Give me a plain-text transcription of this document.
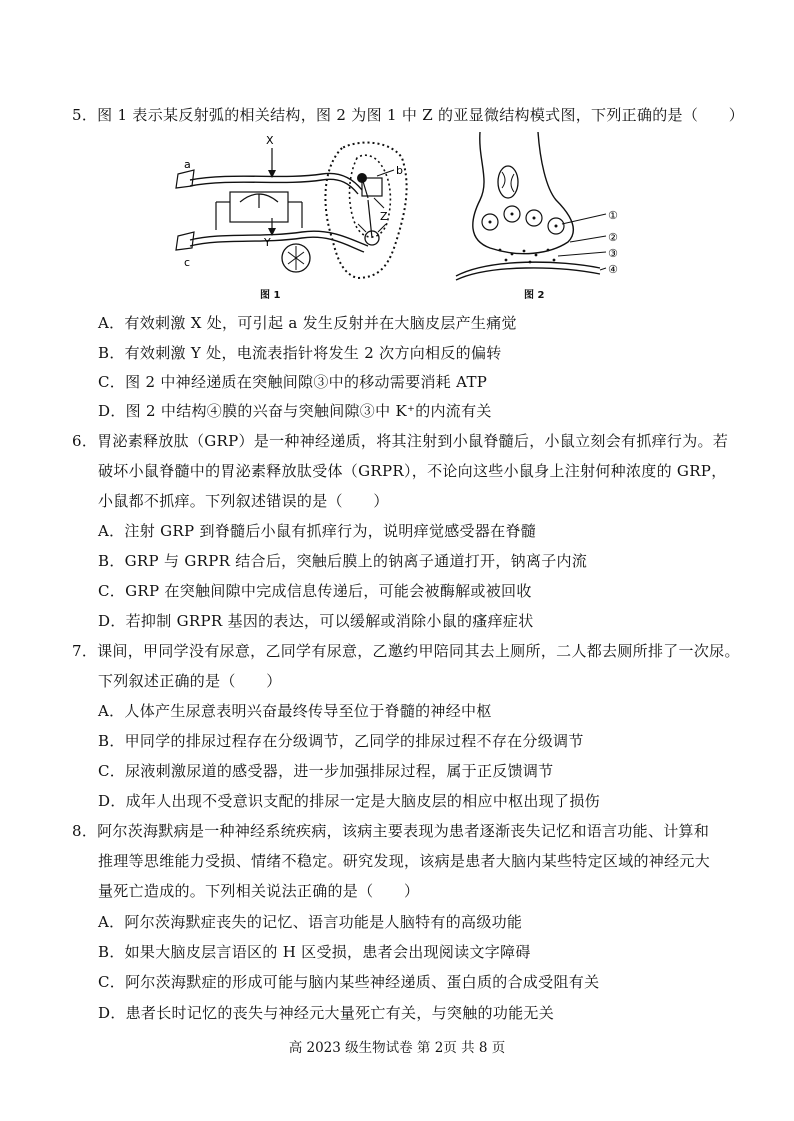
5．图 1 表示某反射弧的相关结构，图 2 为图 1 中 Z 的亚显微结构模式图，下列正确的是（　　）
X
a	b
c
Y
Z
图 1
①
②
③
④
图 2
A．有效刺激 X 处，可引起 a 发生反射并在大脑皮层产生痛觉
B．有效刺激 Y 处，电流表指针将发生 2 次方向相反的偏转
C．图 2 中神经递质在突触间隙③中的移动需要消耗 ATP
D．图 2 中结构④膜的兴奋与突触间隙③中 K⁺的内流有关
6．胃泌素释放肽（GRP）是一种神经递质，将其注射到小鼠脊髓后，小鼠立刻会有抓痒行为。若
破坏小鼠脊髓中的胃泌素释放肽受体（GRPR），不论向这些小鼠身上注射何种浓度的 GRP，
小鼠都不抓痒。下列叙述错误的是（　　）
A．注射 GRP 到脊髓后小鼠有抓痒行为，说明痒觉感受器在脊髓
B．GRP 与 GRPR 结合后，突触后膜上的钠离子通道打开，钠离子内流
C．GRP 在突触间隙中完成信息传递后，可能会被酶解或被回收
D．若抑制 GRPR 基因的表达，可以缓解或消除小鼠的瘙痒症状
7．课间，甲同学没有尿意，乙同学有尿意，乙邀约甲陪同其去上厕所，二人都去厕所排了一次尿。
下列叙述正确的是（　　）
A．人体产生尿意表明兴奋最终传导至位于脊髓的神经中枢
B．甲同学的排尿过程存在分级调节，乙同学的排尿过程不存在分级调节
C．尿液刺激尿道的感受器，进一步加强排尿过程，属于正反馈调节
D．成年人出现不受意识支配的排尿一定是大脑皮层的相应中枢出现了损伤
8．阿尔茨海默病是一种神经系统疾病，该病主要表现为患者逐渐丧失记忆和语言功能、计算和
推理等思维能力受损、情绪不稳定。研究发现，该病是患者大脑内某些特定区域的神经元大
量死亡造成的。下列相关说法正确的是（　　）
A．阿尔茨海默症丧失的记忆、语言功能是人脑特有的高级功能
B．如果大脑皮层言语区的 H 区受损，患者会出现阅读文字障碍
C．阿尔茨海默症的形成可能与脑内某些神经递质、蛋白质的合成受阻有关
D．患者长时记忆的丧失与神经元大量死亡有关，与突触的功能无关
高 2023 级生物试卷 第 2页 共 8 页
